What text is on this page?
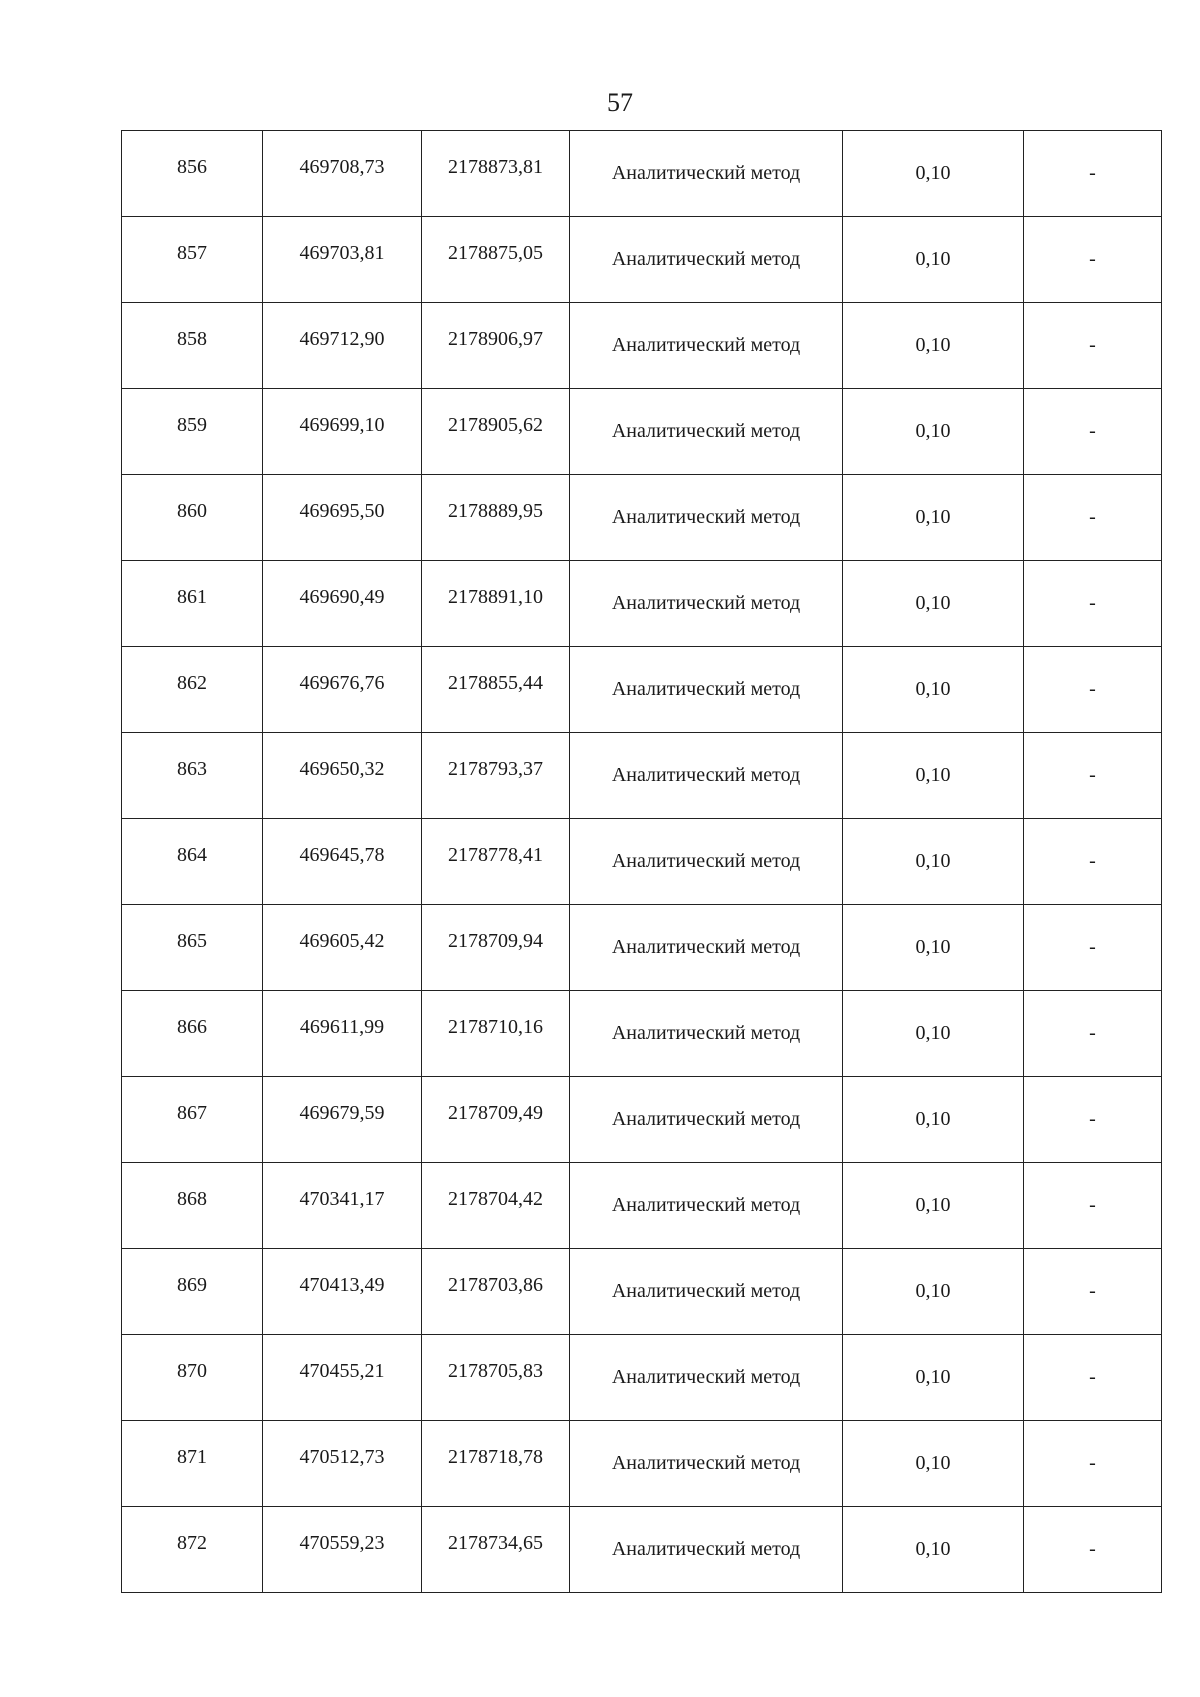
57
856	469708,73	2178873,81	Аналитический метод	0,10	-
857	469703,81	2178875,05	Аналитический метод	0,10	-
858	469712,90	2178906,97	Аналитический метод	0,10	-
859	469699,10	2178905,62	Аналитический метод	0,10	-
860	469695,50	2178889,95	Аналитический метод	0,10	-
861	469690,49	2178891,10	Аналитический метод	0,10	-
862	469676,76	2178855,44	Аналитический метод	0,10	-
863	469650,32	2178793,37	Аналитический метод	0,10	-
864	469645,78	2178778,41	Аналитический метод	0,10	-
865	469605,42	2178709,94	Аналитический метод	0,10	-
866	469611,99	2178710,16	Аналитический метод	0,10	-
867	469679,59	2178709,49	Аналитический метод	0,10	-
868	470341,17	2178704,42	Аналитический метод	0,10	-
869	470413,49	2178703,86	Аналитический метод	0,10	-
870	470455,21	2178705,83	Аналитический метод	0,10	-
871	470512,73	2178718,78	Аналитический метод	0,10	-
872	470559,23	2178734,65	Аналитический метод	0,10	-
